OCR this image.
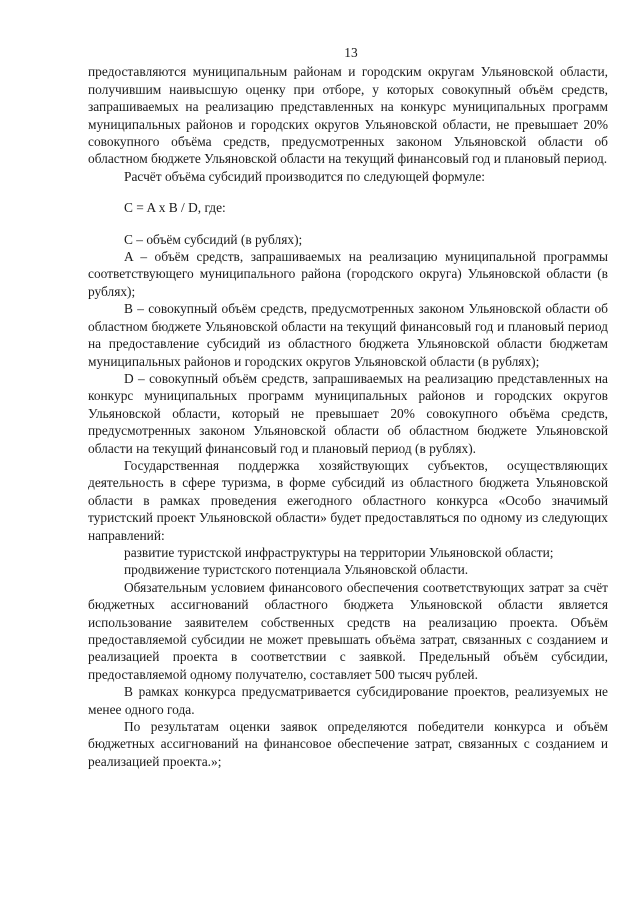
13

предоставляются муниципальным районам и городским округам Ульяновской области, получившим наивысшую оценку при отборе, у которых совокупный объём средств, запрашиваемых на реализацию представленных на конкурс муниципальных программ муниципальных районов и городских округов Ульяновской области, не превышает 20% совокупного объёма средств, предусмотренных законом Ульяновской области об областном бюджете Ульяновской области на текущий финансовый год и плановый период.

Расчёт объёма субсидий производится по следующей формуле:

C = A x B / D, где:

C – объём субсидий (в рублях);

A – объём средств, запрашиваемых на реализацию муниципальной программы соответствующего муниципального района (городского округа) Ульяновской области (в рублях);

B – совокупный объём средств, предусмотренных законом Ульяновской области об областном бюджете Ульяновской области на текущий финансовый год и плановый период на предоставление субсидий из областного бюджета Ульяновской области бюджетам муниципальных районов и городских округов Ульяновской области (в рублях);

D – совокупный объём средств, запрашиваемых на реализацию представленных на конкурс муниципальных программ муниципальных районов и городских округов Ульяновской области, который не превышает 20% совокупного объёма средств, предусмотренных законом Ульяновской области об областном бюджете Ульяновской области на текущий финансовый год и плановый период (в рублях).

Государственная поддержка хозяйствующих субъектов, осуществляющих деятельность в сфере туризма, в форме субсидий из областного бюджета Ульяновской области в рамках проведения ежегодного областного конкурса «Особо значимый туристский проект Ульяновской области» будет предоставляться по одному из следующих направлений:

развитие туристской инфраструктуры на территории Ульяновской области;

продвижение туристского потенциала Ульяновской области.

Обязательным условием финансового обеспечения соответствующих затрат за счёт бюджетных ассигнований областного бюджета Ульяновской области является использование заявителем собственных средств на реализацию проекта. Объём предоставляемой субсидии не может превышать объёма затрат, связанных с созданием и реализацией проекта в соответствии с заявкой. Предельный объём субсидии, предоставляемой одному получателю, составляет 500 тысяч рублей.

В рамках конкурса предусматривается субсидирование проектов, реализуемых не менее одного года.

По результатам оценки заявок определяются победители конкурса и объём бюджетных ассигнований на финансовое обеспечение затрат, связанных с созданием и реализацией проекта.»;
